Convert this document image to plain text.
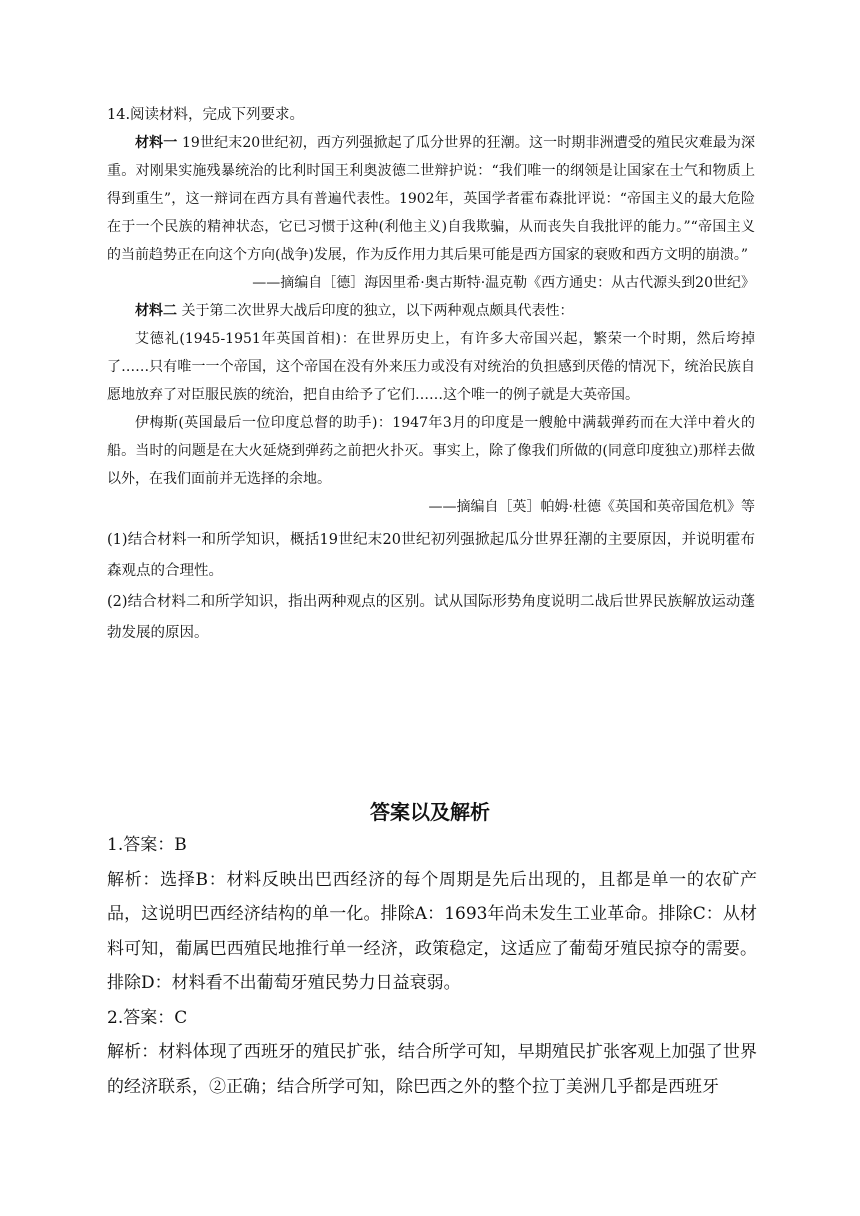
14.阅读材料，完成下列要求。

材料一 19世纪末20世纪初，西方列强掀起了瓜分世界的狂潮。这一时期非洲遭受的殖民灾难最为深重。对刚果实施残暴统治的比利时国王利奥波德二世辩护说：“我们唯一的纲领是让国家在士气和物质上得到重生”，这一辩词在西方具有普遍代表性。1902年，英国学者霍布森批评说：“帝国主义的最大危险在于一个民族的精神状态，它已习惯于这种(利他主义)自我欺骗，从而丧失自我批评的能力。”“帝国主义的当前趋势正在向这个方向(战争)发展，作为反作用力其后果可能是西方国家的衰败和西方文明的崩溃。”

——摘编自［德］海因里希·奥古斯特·温克勒《西方通史：从古代源头到20世纪》

材料二 关于第二次世界大战后印度的独立，以下两种观点颇具代表性：

艾德礼(1945-1951年英国首相)：在世界历史上，有许多大帝国兴起，繁荣一个时期，然后垮掉了……只有唯一一个帝国，这个帝国在没有外来压力或没有对统治的负担感到厌倦的情况下，统治民族自愿地放弃了对臣服民族的统治，把自由给予了它们……这个唯一的例子就是大英帝国。

伊梅斯(英国最后一位印度总督的助手)：1947年3月的印度是一艘舱中满载弹药而在大洋中着火的船。当时的问题是在大火延烧到弹药之前把火扑灭。事实上，除了像我们所做的(同意印度独立)那样去做以外，在我们面前并无选择的余地。

——摘编自［英］帕姆·杜德《英国和英帝国危机》等

(1)结合材料一和所学知识，概括19世纪末20世纪初列强掀起瓜分世界狂潮的主要原因，并说明霍布森观点的合理性。

(2)结合材料二和所学知识，指出两种观点的区别。试从国际形势角度说明二战后世界民族解放运动蓬勃发展的原因。

答案以及解析

1.答案：B

解析：选择B：材料反映出巴西经济的每个周期是先后出现的，且都是单一的农矿产品，这说明巴西经济结构的单一化。排除A：1693年尚未发生工业革命。排除C：从材料可知，葡属巴西殖民地推行单一经济，政策稳定，这适应了葡萄牙殖民掠夺的需要。排除D：材料看不出葡萄牙殖民势力日益衰弱。

2.答案：C

解析：材料体现了西班牙的殖民扩张，结合所学可知，早期殖民扩张客观上加强了世界的经济联系，②正确；结合所学可知，除巴西之外的整个拉丁美洲几乎都是西班牙
